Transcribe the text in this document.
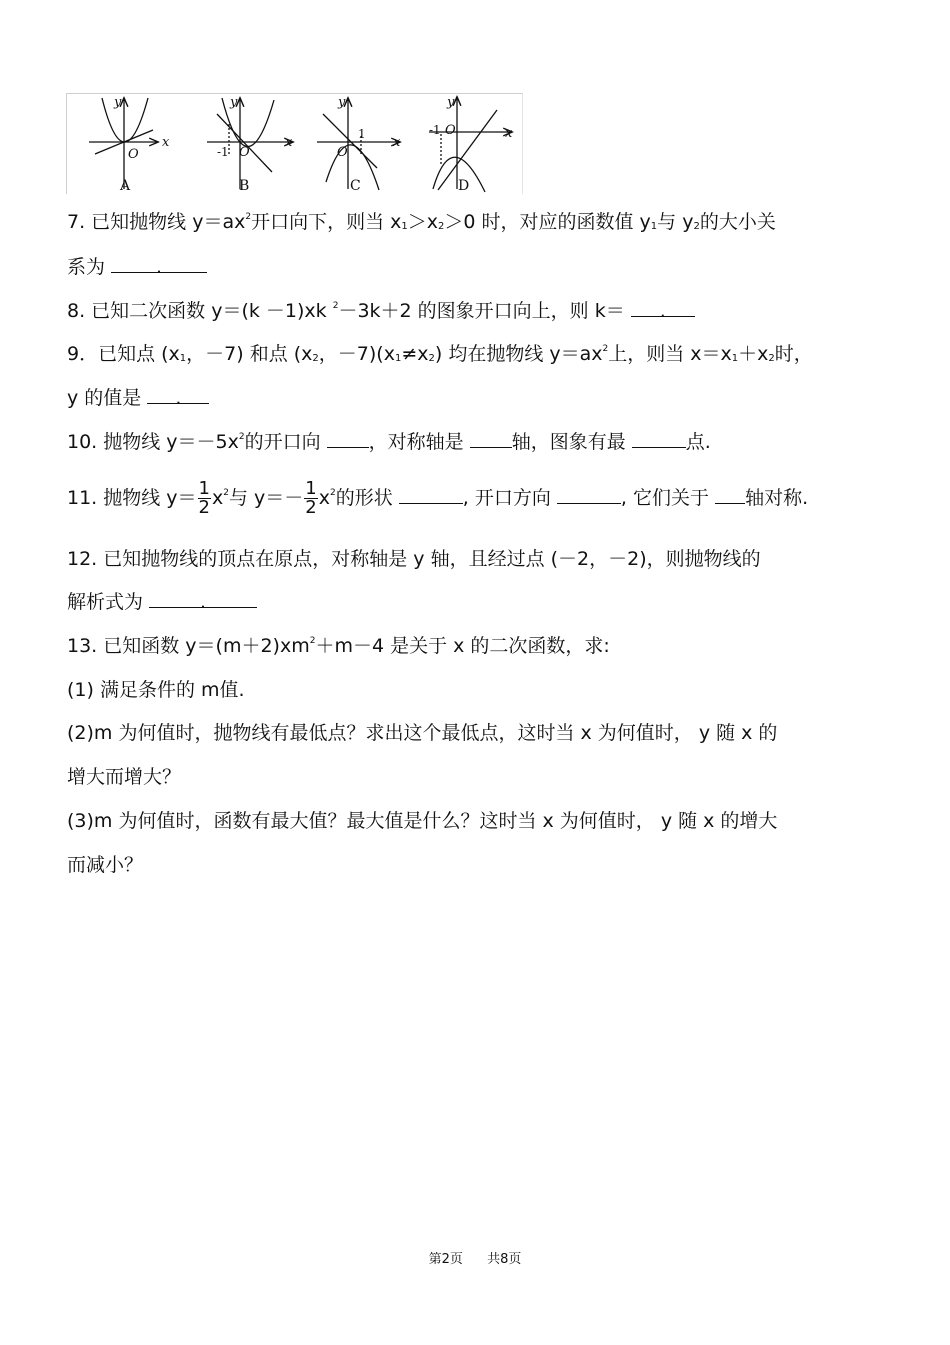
y
x
O
y
x
O
y
x
O
y
x
O
-1
1	-1
A	B	C	D
7. 已知抛物线 $y=ax^2$开口向下，则当 $x_1>x_2>0$ 时，对应的函数值 $y_1$与 $y_2$的大小关
系为	.
8. 已知二次函数 y＝(k －1)xk $^2$－3k＋2 的图象开口向上，则 k＝ .
9．已知点 ($x_1$，－7) 和点 ($x_2$，$-7)(x_1\ne x_2)$ 均在抛物线 $y=ax^2$上，则当 $x=x_1+x_2$时，
y 的值是 .
10. 抛物线 $y=-5x^2$的开口向	，对称轴是	轴，图象有最	点.
11. 抛物线 $y= \frac{1}{2} x^2$与 $y=- \frac{1}{2} x^2$的形状	, 开口方向	, 它们关于 轴对称.
12. 已知抛物线的顶点在原点，对称轴是 y 轴，且经过点 (－2，－2)，则抛物线的
解析式为	.
13. 已知函数 $y=(m+2)xm^2+m-4$ 是关于 x 的二次函数，求:
(1) 满足条件的 m值.
(2)m 为何值时，抛物线有最低点？求出这个最低点，这时当 x 为何值时， y 随 x 的
增大而增大？
(3)m 为何值时，函数有最大值？最大值是什么？这时当 x 为何值时， y 随 x 的增大
而减小？
第2页 共8页
